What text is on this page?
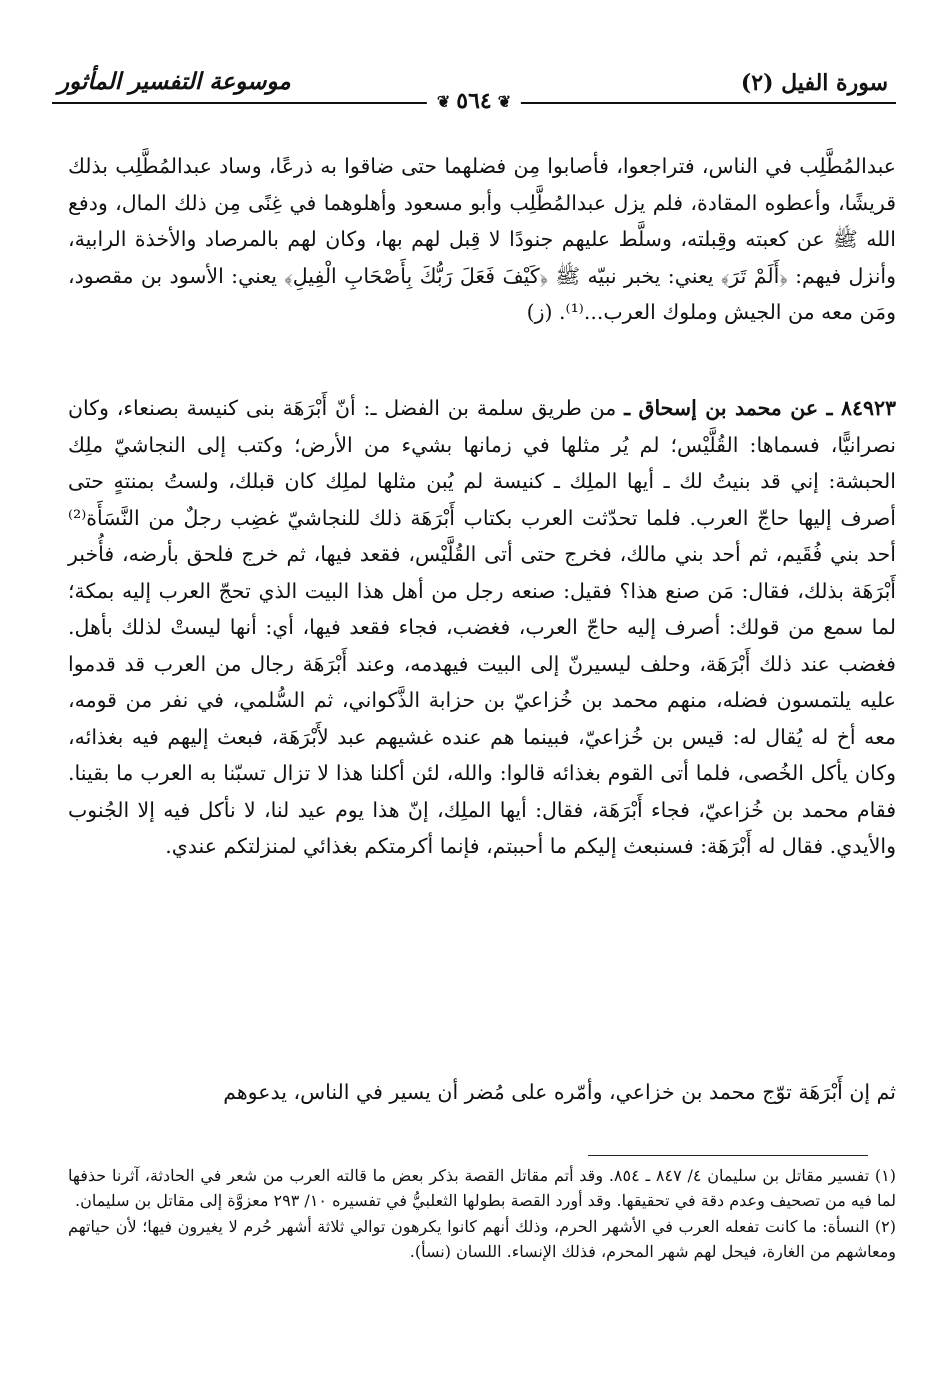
سورة الفيل (٢)
موسوعة التفسير المأثور
❦
٥٦٤
❦

عبدالمُطَّلِب في الناس، فتراجعوا، فأصابوا مِن فضلهما حتى ضاقوا به ذرعًا، وساد عبدالمُطَّلِب بذلك قريشًا، وأعطوه المقادة، فلم يزل عبدالمُطَّلِب وأبو مسعود وأهلوهما في غِنًى مِن ذلك المال، ودفع الله ﷺ عن كعبته وقِبلته، وسلَّط عليهم جنودًا لا قِبل لهم بها، وكان لهم بالمرصاد والأخذة الرابية، وأنزل فيهم: ﴿أَلَمْ تَرَ﴾ يعني: يخبر نبيّه ﷺ ﴿كَيْفَ فَعَلَ رَبُّكَ بِأَصْحَابِ الْفِيلِ﴾ يعني: الأسود بن مقصود، ومَن معه من الجيش وملوك العرب...⁽¹⁾. (ز)

٨٤٩٢٣ ـ عن محمد بن إسحاق ـ من طريق سلمة بن الفضل ـ: أنّ أَبْرَهَة بنى كنيسة بصنعاء، وكان نصرانيًّا، فسماها: القُلَّيْس؛ لم يُر مثلها في زمانها بشيء من الأرض؛ وكتب إلى النجاشيّ ملِك الحبشة: إني قد بنيتُ لك ـ أيها الملِك ـ كنيسة لم يُبن مثلها لملِك كان قبلك، ولستُ بمنتهٍ حتى أصرف إليها حاجّ العرب. فلما تحدّثت العرب بكتاب أَبْرَهَة ذلك للنجاشيّ غضِب رجلٌ من النَّسَأَة⁽²⁾ أحد بني فُقَيم، ثم أحد بني مالك، فخرج حتى أتى القُلَّيْس، فقعد فيها، ثم خرج فلحق بأرضه، فأُخبر أَبْرَهَة بذلك، فقال: مَن صنع هذا؟ فقيل: صنعه رجل من أهل هذا البيت الذي تحجّ العرب إليه بمكة؛ لما سمع من قولك: أصرف إليه حاجّ العرب، فغضب، فجاء فقعد فيها، أي: أنها ليستْ لذلك بأهل. فغضب عند ذلك أَبْرَهَة، وحلف ليسيرنّ إلى البيت فيهدمه، وعند أَبْرَهَة رجال من العرب قد قدموا عليه يلتمسون فضله، منهم محمد بن خُزاعيّ بن حزابة الذَّكواني، ثم السُّلمي، في نفر من قومه، معه أخ له يُقال له: قيس بن خُزاعيّ، فبينما هم عنده غشيهم عبد لأَبْرَهَة، فبعث إليهم فيه بغذائه، وكان يأكل الخُصى، فلما أتى القوم بغذائه قالوا: والله، لئن أكلنا هذا لا تزال تسبّنا به العرب ما بقينا. فقام محمد بن خُزاعيّ، فجاء أَبْرَهَة، فقال: أيها الملِك، إنّ هذا يوم عيد لنا، لا نأكل فيه إلا الجُنوب والأيدي. فقال له أَبْرَهَة: فسنبعث إليكم ما أحببتم، فإنما أكرمتكم بغذائي لمنزلتكم عندي.

ثم إن أَبْرَهَة توّج محمد بن خزاعي، وأمّره على مُضر أن يسير في الناس، يدعوهم

(١) تفسير مقاتل بن سليمان ٤/ ٨٤٧ ـ ٨٥٤. وقد أتم مقاتل القصة بذكر بعض ما قالته العرب من شعر في الحادثة، آثرنا حذفها لما فيه من تصحيف وعدم دقة في تحقيقها. وقد أورد القصة بطولها الثعلبيُّ في تفسيره ١٠/ ٢٩٣ معزوَّة إلى مقاتل بن سليمان.

(٢) النسأة: ما كانت تفعله العرب في الأشهر الحرم، وذلك أنهم كانوا يكرهون توالي ثلاثة أشهر حُرم لا يغيرون فيها؛ لأن حياتهم ومعاشهم من الغارة، فيحل لهم شهر المحرم، فذلك الإنساء. اللسان (نسأ).
